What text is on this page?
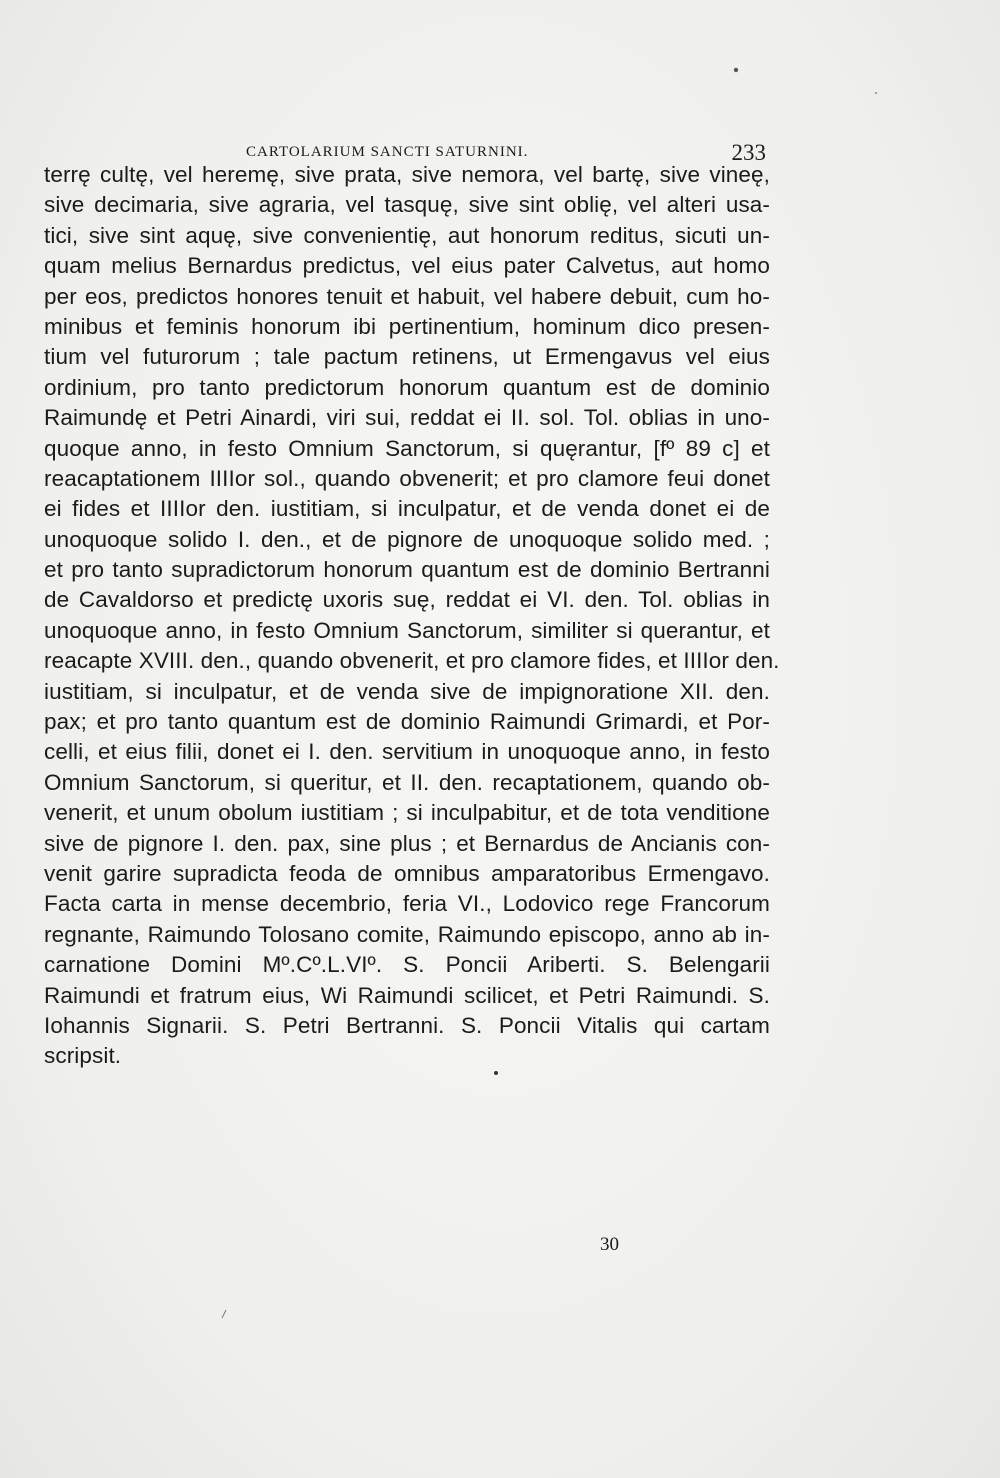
CARTOLARIUM SANCTI SATURNINI.	233
terrę cultę, vel heremę, sive prata, sive nemora, vel bartę, sive vineę,
sive decimaria, sive agraria, vel tasquę, sive sint oblię, vel alteri usa-
tici, sive sint aquę, sive convenientię, aut honorum reditus, sicuti un-
quam melius Bernardus predictus, vel eius pater Calvetus, aut homo
per eos, predictos honores tenuit et habuit, vel habere debuit, cum ho-
minibus et feminis honorum ibi pertinentium, hominum dico presen-
tium vel futurorum ; tale pactum retinens, ut Ermengavus vel eius
ordinium, pro tanto predictorum honorum quantum est de dominio
Raimundę et Petri Ainardi, viri sui, reddat ei II. sol. Tol. oblias in uno-
quoque anno, in festo Omnium Sanctorum, si quęrantur, [fº 89 c] et
reacaptationem IIIIor sol., quando obvenerit; et pro clamore feui donet
ei fides et IIIIor den. iustitiam, si inculpatur, et de venda donet ei de
unoquoque solido I. den., et de pignore de unoquoque solido med. ;
et pro tanto supradictorum honorum quantum est de dominio Bertranni
de Cavaldorso et predictę uxoris suę, reddat ei VI. den. Tol. oblias in
unoquoque anno, in festo Omnium Sanctorum, similiter si querantur, et
reacapte XVIII. den., quando obvenerit, et pro clamore fides, et IIIIor den.
iustitiam, si inculpatur, et de venda sive de impignoratione XII. den.
pax; et pro tanto quantum est de dominio Raimundi Grimardi, et Por-
celli, et eius filii, donet ei I. den. servitium in unoquoque anno, in festo
Omnium Sanctorum, si queritur, et II. den. recaptationem, quando ob-
venerit, et unum obolum iustitiam ; si inculpabitur, et de tota venditione
sive de pignore I. den. pax, sine plus ; et Bernardus de Ancianis con-
venit garire supradicta feoda de omnibus amparatoribus Ermengavo.
Facta carta in mense decembrio, feria VI., Lodovico rege Francorum
regnante, Raimundo Tolosano comite, Raimundo episcopo, anno ab in-
carnatione Domini Mº.Cº.L.VIº. S. Poncii Ariberti. S. Belengarii
Raimundi et fratrum eius, Wi Raimundi scilicet, et Petri Raimundi. S.
Iohannis Signarii. S. Petri Bertranni. S. Poncii Vitalis qui cartam
scripsit.

30
